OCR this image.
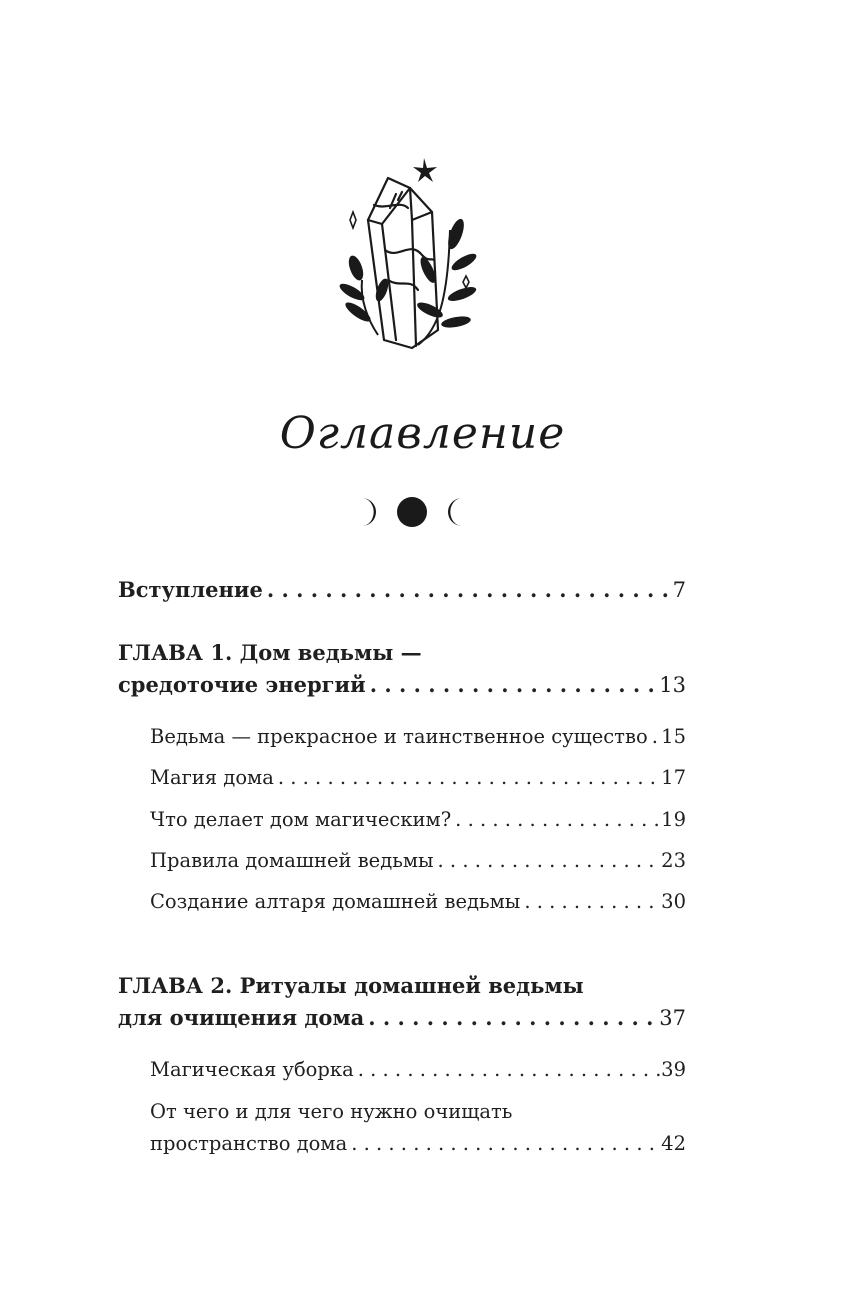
Оглавление
Вступление . . .	7
ГЛАВА 1. Дом ведьмы —
средоточие энергий . . .	13
Ведьма — прекрасное и таинственное существо . . . 15
Магия дома . . .	17
Что делает дом магическим? . . .	19
Правила домашней ведьмы . . .	23
Создание алтаря домашней ведьмы . . .	30
ГЛАВА 2. Ритуалы домашней ведьмы
для очищения дома . . .	37
Магическая уборка . . .	39
От чего и для чего нужно очищать
пространство дома . . .	42
